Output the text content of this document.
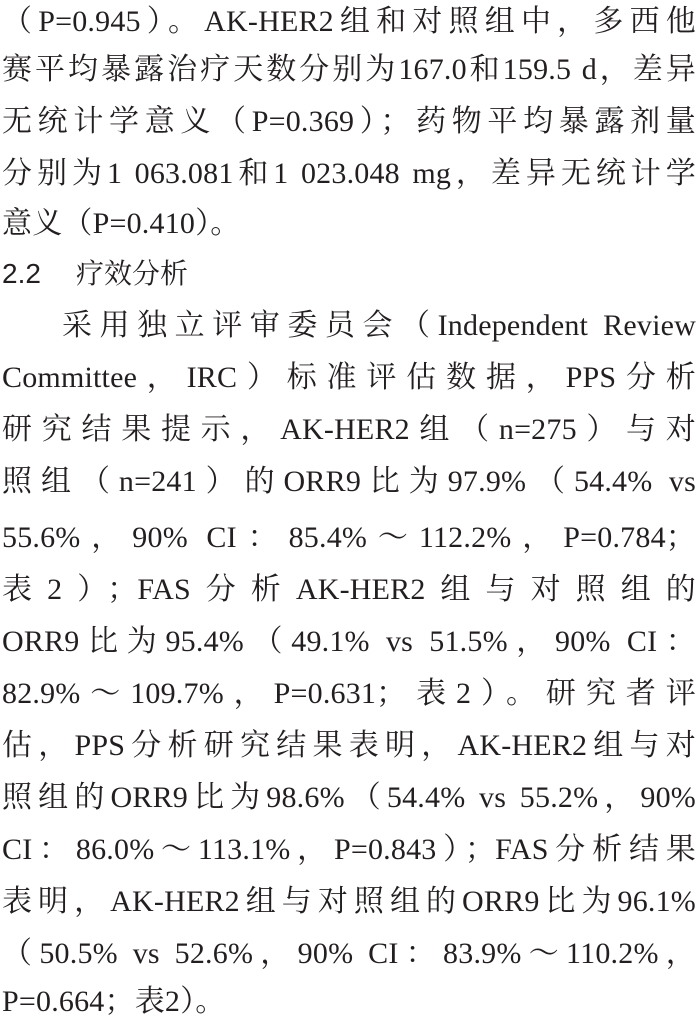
（P=0.945）。AK-HER2组和对照组中，多西他
赛平均暴露治疗天数分别为167.0和159.5 d，差异
无统计学意义（P=0.369）；药物平均暴露剂量
分别为1 063.081和1 023.048 mg，差异无统计学
意义（P=0.410）。
2.2 疗效分析
采用独立评审委员会（Independent Review
Committee，IRC）标准评估数据，PPS分析
研究结果提示，AK-HER2组（n=275）与对
照组（n=241）的ORR9比为97.9%（54.4% vs
55.6%，90% CI：85.4%～112.2%，P=0.784；
表2）；FAS分析AK-HER2组与对照组的
ORR9比为95.4%（49.1% vs 51.5%，90% CI：
82.9%～109.7%，P=0.631；表2）。研究者评
估，PPS分析研究结果表明，AK-HER2组与对
照组的ORR9比为98.6%（54.4% vs 55.2%，90%
CI：86.0%～113.1%，P=0.843）；FAS分析结果
表明，AK-HER2组与对照组的ORR9比为96.1%
（50.5% vs 52.6%，90% CI：83.9%～110.2%，
P=0.664；表2）。
